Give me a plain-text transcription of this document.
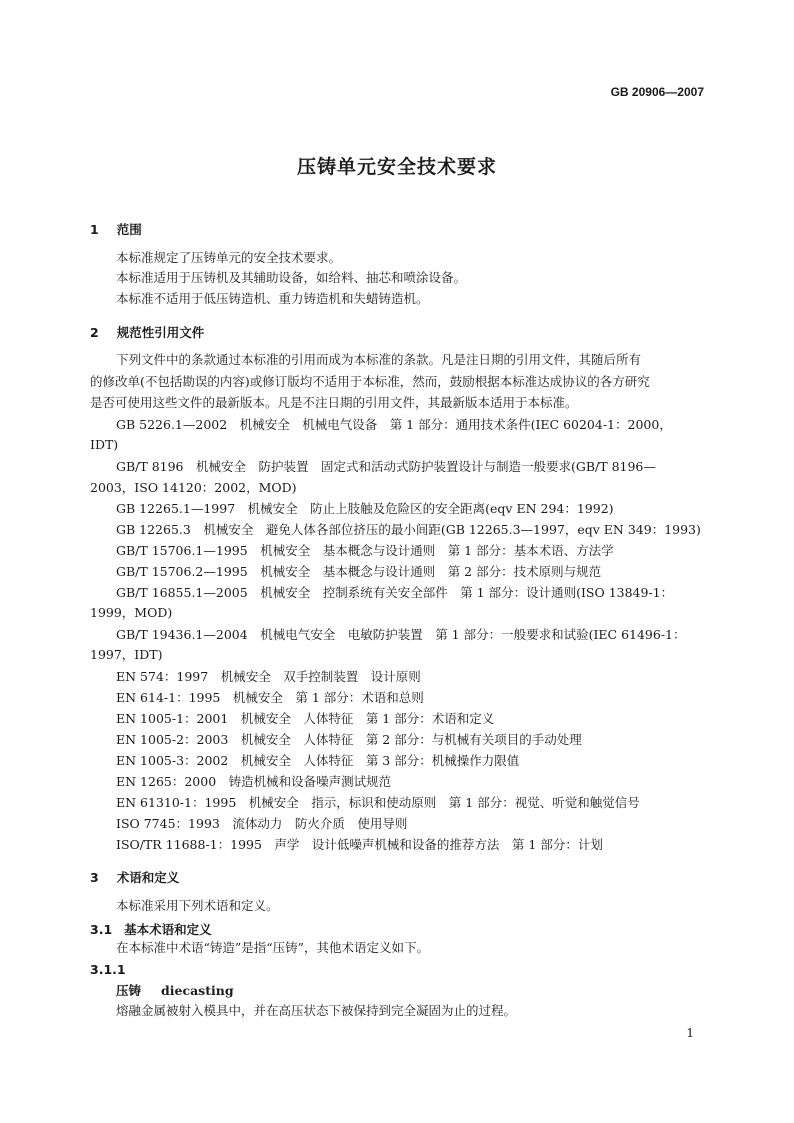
GB 20906—2007
压铸单元安全技术要求
1 范围
本标准规定了压铸单元的安全技术要求。
本标准适用于压铸机及其辅助设备，如给料、抽芯和喷涂设备。
本标准不适用于低压铸造机、重力铸造机和失蜡铸造机。
2 规范性引用文件
下列文件中的条款通过本标准的引用而成为本标准的条款。凡是注日期的引用文件，其随后所有
的修改单(不包括勘误的内容)或修订版均不适用于本标准，然而，鼓励根据本标准达成协议的各方研究
是否可使用这些文件的最新版本。凡是不注日期的引用文件，其最新版本适用于本标准。
GB 5226.1—2002　机械安全　机械电气设备　第 1 部分：通用技术条件(IEC 60204-1：2000，
IDT)
GB/T 8196　机械安全　防护装置　固定式和活动式防护装置设计与制造一般要求(GB/T 8196—
2003，ISO 14120：2002，MOD)
GB 12265.1—1997　机械安全　防止上肢触及危险区的安全距离(eqv EN 294：1992)
GB 12265.3　机械安全　避免人体各部位挤压的最小间距(GB 12265.3—1997，eqv EN 349：1993)
GB/T 15706.1—1995　机械安全　基本概念与设计通则　第 1 部分：基本术语、方法学
GB/T 15706.2—1995　机械安全　基本概念与设计通则　第 2 部分：技术原则与规范
GB/T 16855.1—2005　机械安全　控制系统有关安全部件　第 1 部分：设计通则(ISO 13849-1：
1999，MOD)
GB/T 19436.1—2004　机械电气安全　电敏防护装置　第 1 部分：一般要求和试验(IEC 61496-1：
1997，IDT)
EN 574：1997　机械安全　双手控制装置　设计原则
EN 614-1：1995　机械安全　第 1 部分：术语和总则
EN 1005-1：2001　机械安全　人体特征　第 1 部分：术语和定义
EN 1005-2：2003　机械安全　人体特征　第 2 部分：与机械有关项目的手动处理
EN 1005-3：2002　机械安全　人体特征　第 3 部分：机械操作力限值
EN 1265：2000　铸造机械和设备噪声测试规范
EN 61310-1：1995　机械安全　指示，标识和使动原则　第 1 部分：视觉、听觉和触觉信号
ISO 7745：1993　流体动力　防火介质　使用导则
ISO/TR 11688-1：1995　声学　设计低噪声机械和设备的推荐方法　第 1 部分：计划
3 术语和定义
本标准采用下列术语和定义。
3.1 基本术语和定义
在本标准中术语“铸造”是指“压铸”，其他术语定义如下。
3.1.1
压铸 diecasting
熔融金属被射入模具中，并在高压状态下被保持到完全凝固为止的过程。
1
